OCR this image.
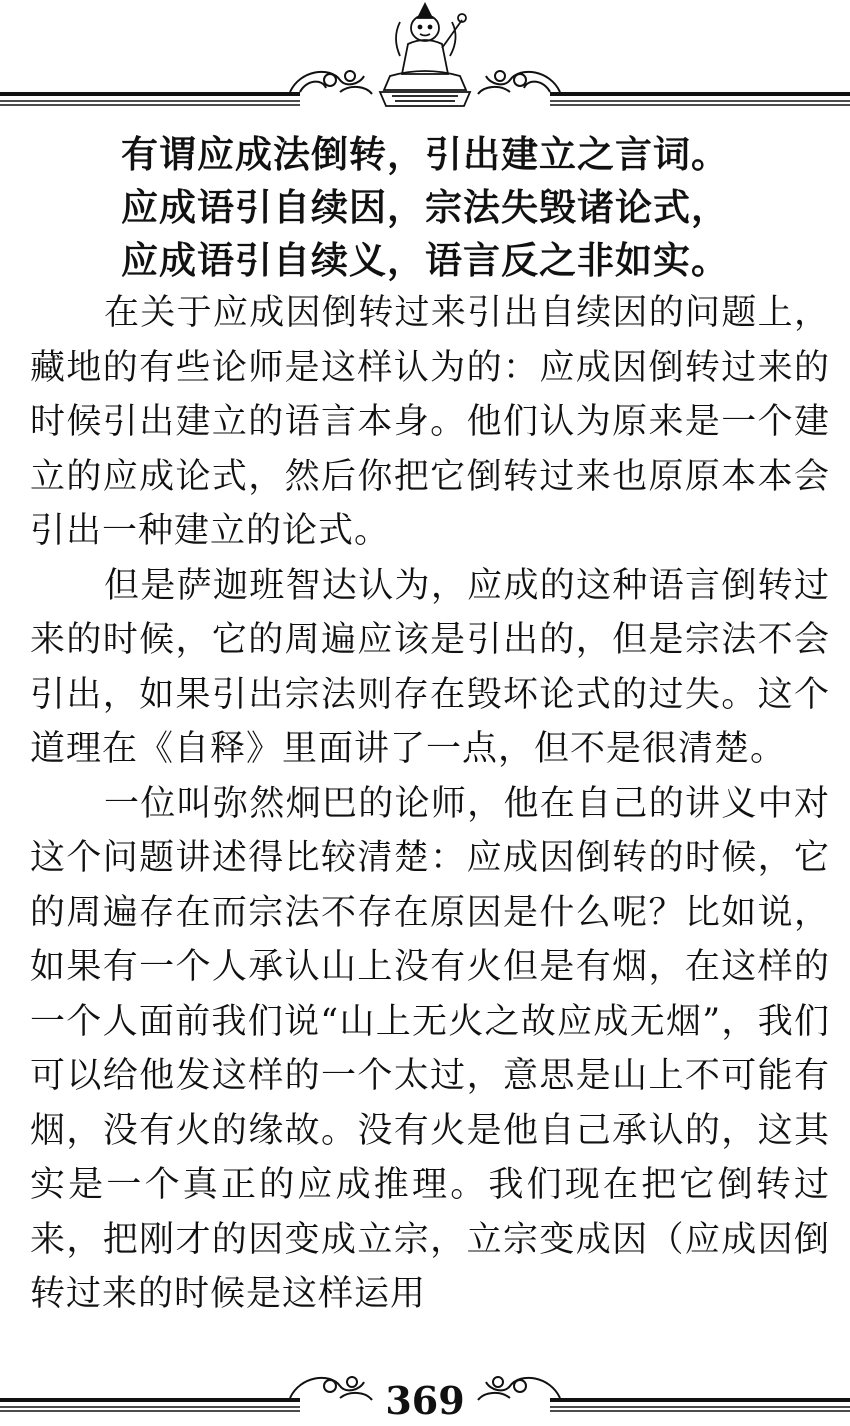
有谓应成法倒转，引出建立之言词。
应成语引自续因，宗法失毁诸论式，
应成语引自续义，语言反之非如实。

在关于应成因倒转过来引出自续因的问题上，藏地的有些论师是这样认为的：应成因倒转过来的时候引出建立的语言本身。他们认为原来是一个建立的应成论式，然后你把它倒转过来也原原本本会引出一种建立的论式。

但是萨迦班智达认为，应成的这种语言倒转过来的时候，它的周遍应该是引出的，但是宗法不会引出，如果引出宗法则存在毁坏论式的过失。这个道理在《自释》里面讲了一点，但不是很清楚。

一位叫弥然炯巴的论师，他在自己的讲义中对这个问题讲述得比较清楚：应成因倒转的时候，它的周遍存在而宗法不存在原因是什么呢？比如说，如果有一个人承认山上没有火但是有烟，在这样的一个人面前我们说“山上无火之故应成无烟”，我们可以给他发这样的一个太过，意思是山上不可能有烟，没有火的缘故。没有火是他自己承认的，这其实是一个真正的应成推理。我们现在把它倒转过来，把刚才的因变成立宗，立宗变成因（应成因倒转过来的时候是这样运用

369
